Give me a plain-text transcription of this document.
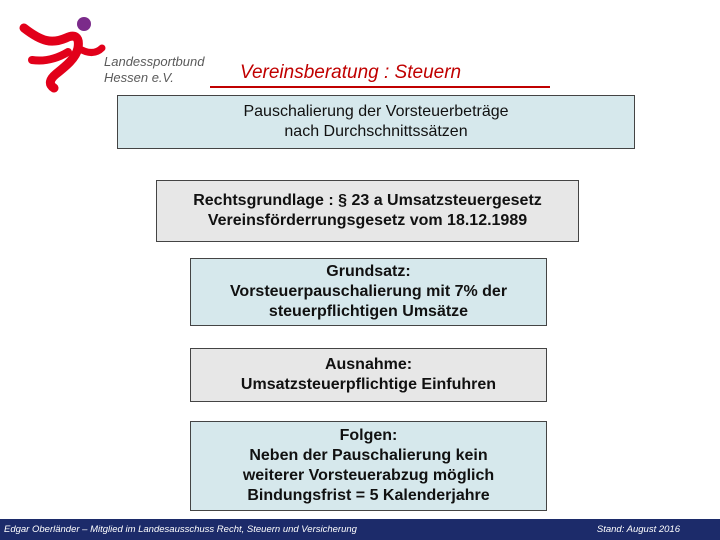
Landessportbund
Hessen e.V.	Vereinsberatung : Steuern
Pauschalierung der Vorsteuerbeträge
nach Durchschnittssätzen
Rechtsgrundlage : § 23 a Umsatzsteuergesetz
Vereinsförderrungsgesetz vom 18.12.1989
Grundsatz:
Vorsteuerpauschalierung mit 7% der
steuerpflichtigen Umsätze
Ausnahme:
Umsatzsteuerpflichtige Einfuhren
Folgen:
Neben der Pauschalierung kein
weiterer Vorsteuerabzug möglich
Bindungsfrist = 5 Kalenderjahre
Edgar Oberländer – Mitglied im Landesausschuss Recht, Steuern und Versicherung	Stand: August 2016
